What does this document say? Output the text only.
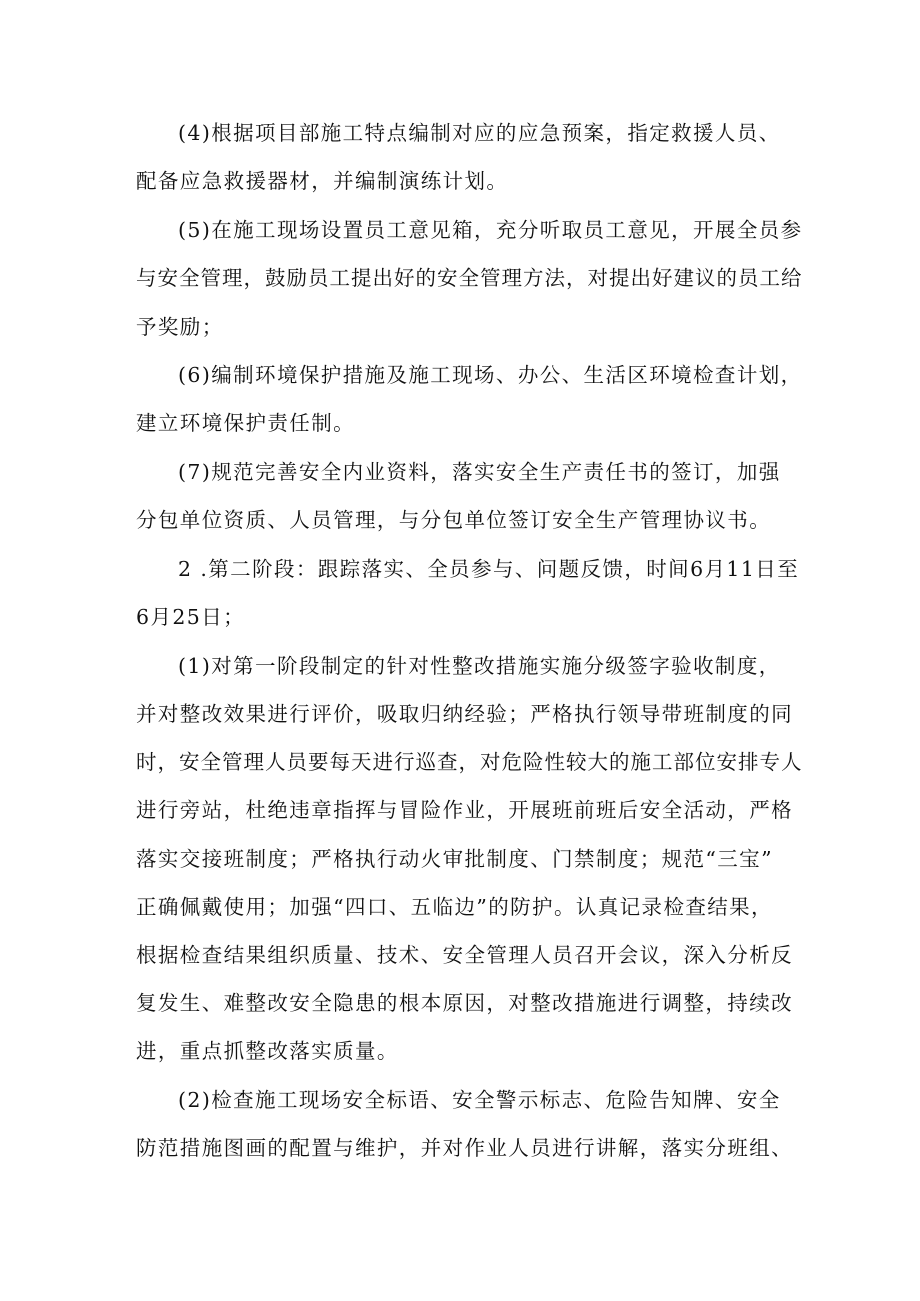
(4)根据项目部施工特点编制对应的应急预案，指定救援人员、
配备应急救援器材，并编制演练计划。
(5)在施工现场设置员工意见箱，充分听取员工意见，开展全员参
与安全管理，鼓励员工提出好的安全管理方法，对提出好建议的员工给
予奖励；
(6)编制环境保护措施及施工现场、办公、生活区环境检查计划，
建立环境保护责任制。
(7)规范完善安全内业资料，落实安全生产责任书的签订，加强
分包单位资质、人员管理，与分包单位签订安全生产管理协议书。
2 .第二阶段：跟踪落实、全员参与、问题反馈，时间6月11日至
6月25日；
(1)对第一阶段制定的针对性整改措施实施分级签字验收制度，
并对整改效果进行评价，吸取归纳经验；严格执行领导带班制度的同
时，安全管理人员要每天进行巡查，对危险性较大的施工部位安排专人
进行旁站，杜绝违章指挥与冒险作业，开展班前班后安全活动，严格
落实交接班制度；严格执行动火审批制度、门禁制度；规范“三宝”
正确佩戴使用；加强“四口、五临边”的防护。认真记录检查结果，
根据检查结果组织质量、技术、安全管理人员召开会议，深入分析反
复发生、难整改安全隐患的根本原因，对整改措施进行调整，持续改
进，重点抓整改落实质量。
(2)检查施工现场安全标语、安全警示标志、危险告知牌、安全
防范措施图画的配置与维护，并对作业人员进行讲解，落实分班组、
